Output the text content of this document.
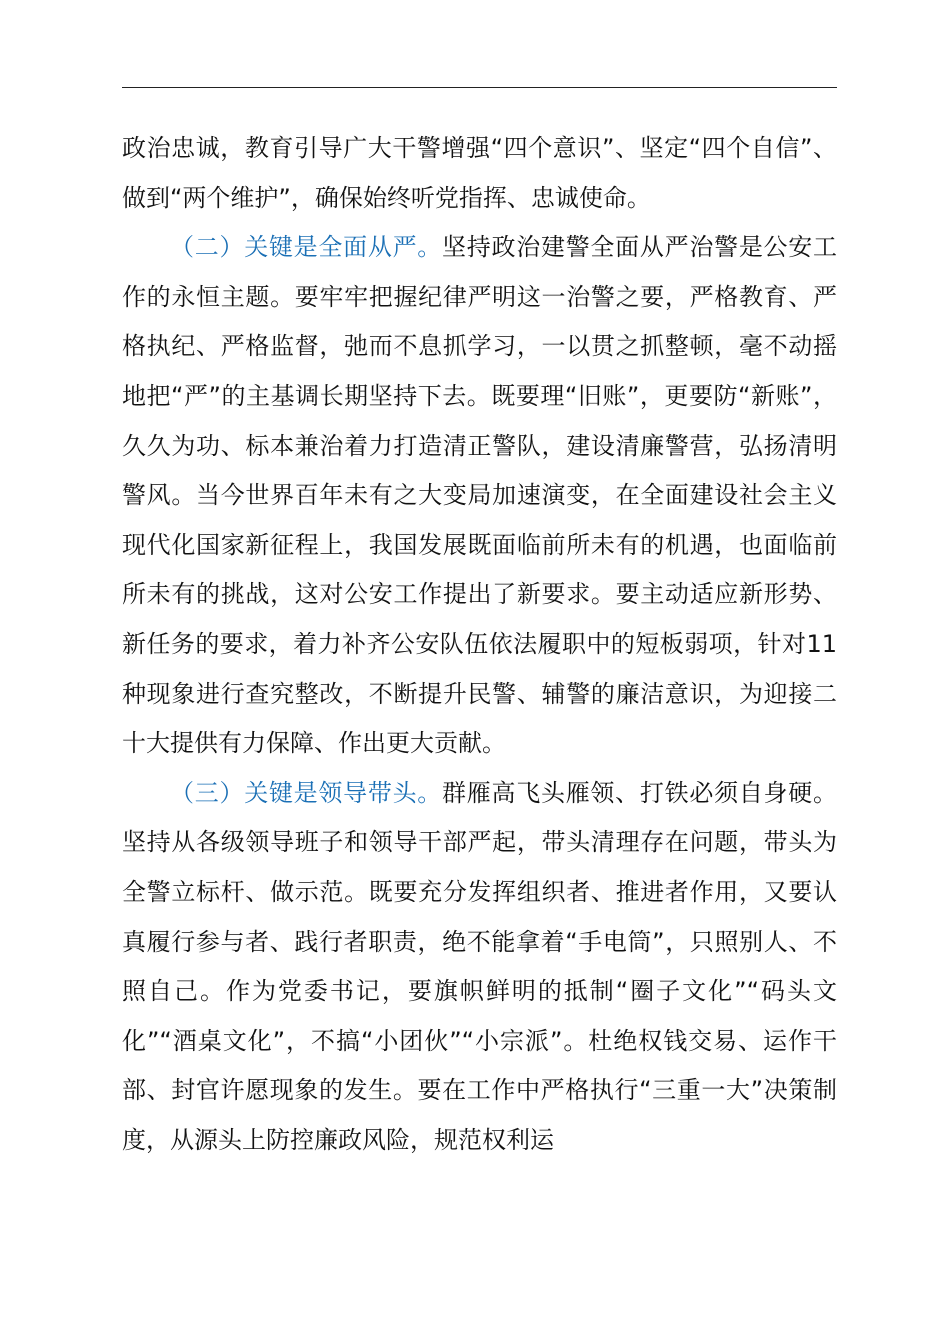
政治忠诚，教育引导广大干警增强“四个意识”、坚定“四个自信”、做到“两个维护”，确保始终听党指挥、忠诚使命。

（二）关键是全面从严。坚持政治建警全面从严治警是公安工作的永恒主题。要牢牢把握纪律严明这一治警之要，严格教育、严格执纪、严格监督，弛而不息抓学习，一以贯之抓整顿，毫不动摇地把“严”的主基调长期坚持下去。既要理“旧账”，更要防“新账”，久久为功、标本兼治着力打造清正警队，建设清廉警营，弘扬清明警风。当今世界百年未有之大变局加速演变，在全面建设社会主义现代化国家新征程上，我国发展既面临前所未有的机遇，也面临前所未有的挑战，这对公安工作提出了新要求。要主动适应新形势、新任务的要求，着力补齐公安队伍依法履职中的短板弱项，针对11种现象进行查究整改，不断提升民警、辅警的廉洁意识，为迎接二十大提供有力保障、作出更大贡献。

（三）关键是领导带头。群雁高飞头雁领、打铁必须自身硬。坚持从各级领导班子和领导干部严起，带头清理存在问题，带头为全警立标杆、做示范。既要充分发挥组织者、推进者作用，又要认真履行参与者、践行者职责，绝不能拿着“手电筒”，只照别人、不照自己。作为党委书记，要旗帜鲜明的抵制“圈子文化”“码头文化”“酒桌文化”，不搞“小团伙”“小宗派”。杜绝权钱交易、运作干部、封官许愿现象的发生。要在工作中严格执行“三重一大”决策制度，从源头上防控廉政风险，规范权利运
